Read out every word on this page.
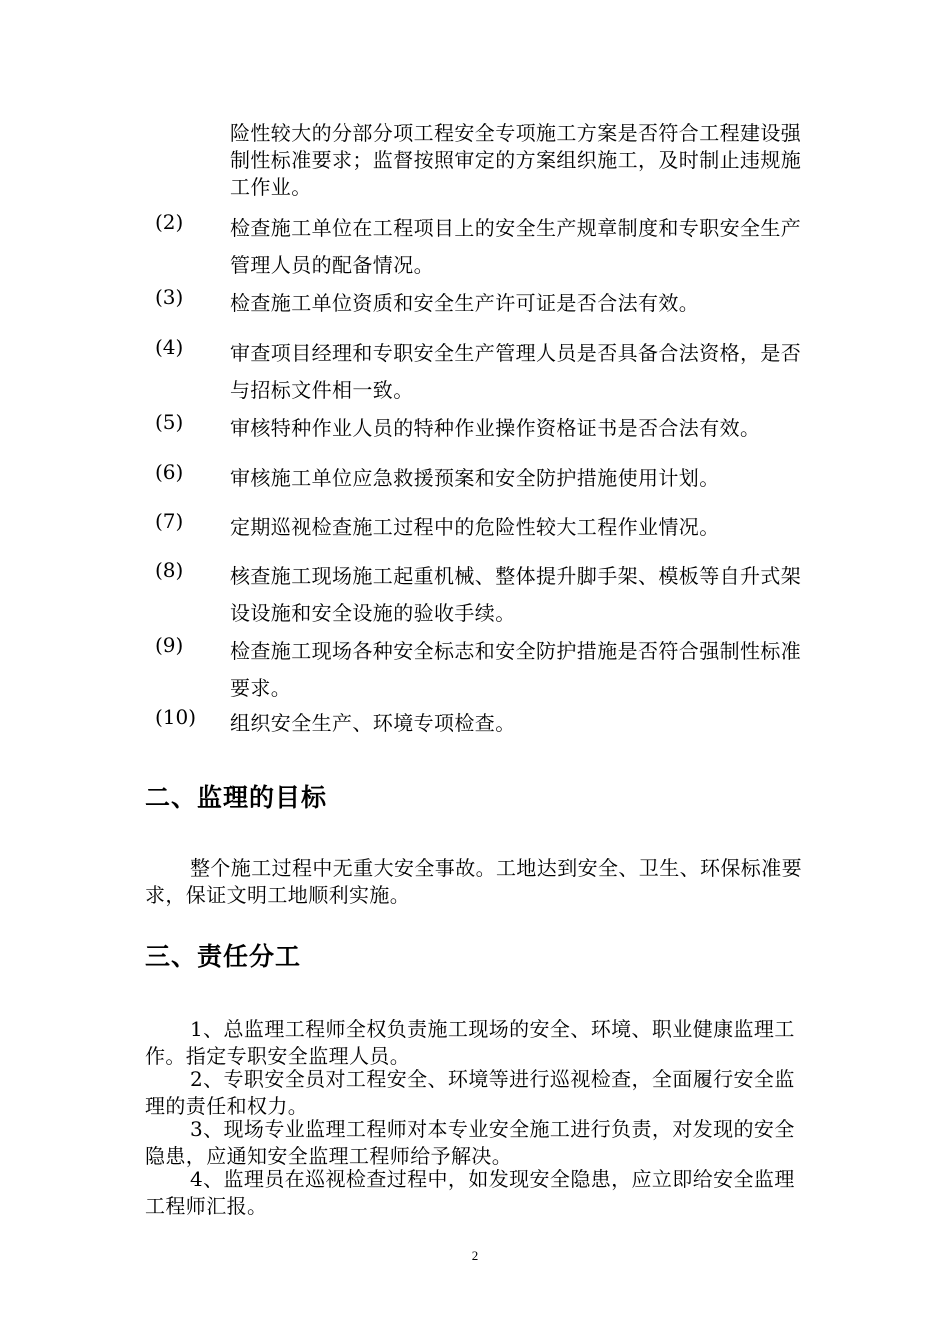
险性较大的分部分项工程安全专项施工方案是否符合工程建设强制性标准要求；监督按照审定的方案组织施工，及时制止违规施工作业。
(2)	检查施工单位在工程项目上的安全生产规章制度和专职安全生产管理人员的配备情况。
(3)	检查施工单位资质和安全生产许可证是否合法有效。
(4)	审查项目经理和专职安全生产管理人员是否具备合法资格，是否与招标文件相一致。
(5)	审核特种作业人员的特种作业操作资格证书是否合法有效。
(6)	审核施工单位应急救援预案和安全防护措施使用计划。
(7)	定期巡视检查施工过程中的危险性较大工程作业情况。
(8)	核查施工现场施工起重机械、整体提升脚手架、模板等自升式架设设施和安全设施的验收手续。
(9)	检查施工现场各种安全标志和安全防护措施是否符合强制性标准要求。
(10)	组织安全生产、环境专项检查。
二、监理的目标
整个施工过程中无重大安全事故。工地达到安全、卫生、环保标准要求，保证文明工地顺利实施。
三、责任分工
1、总监理工程师全权负责施工现场的安全、环境、职业健康监理工作。指定专职安全监理人员。
2、专职安全员对工程安全、环境等进行巡视检查，全面履行安全监理的责任和权力。
3、现场专业监理工程师对本专业安全施工进行负责，对发现的安全隐患，应通知安全监理工程师给予解决。
4、监理员在巡视检查过程中，如发现安全隐患，应立即给安全监理工程师汇报。
2
